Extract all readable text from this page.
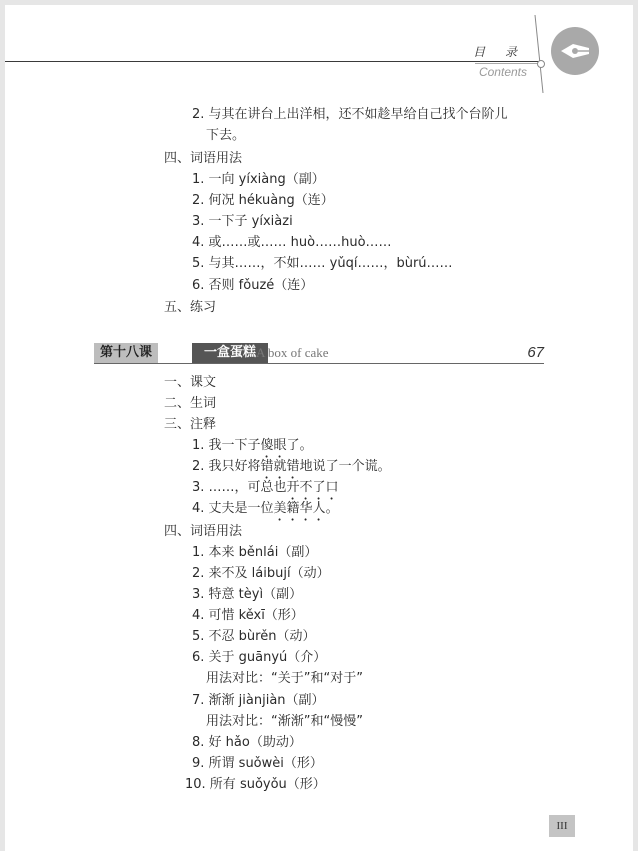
目 录
Contents
2. 与其在讲台上出洋相，还不如趁早给自己找个台阶儿
下去。
四、词语用法
1. 一向 yíxiàng（副）
2. 何况 hékuàng（连）
3. 一下子 yíxiàzi
4. 或……或…… huò……huò……
5. 与其……，不如…… yǔqí……，bùrú……
6. 否则 fǒuzé（连）
五、练习
第十八课	一盒蛋糕 A box of cake	67
一、课文
二、生词
三、注释
1. 我一下子傻眼了。
2. 我只好将错就错地说了一个谎。
3. ……，可总也开不了口
4. 丈夫是一位美籍华人。
四、词语用法
1. 本来 běnlái（副）
2. 来不及 láibují（动）
3. 特意 tèyì（副）
4. 可惜 kěxī（形）
5. 不忍 bùrěn（动）
6. 关于 guānyú（介）
用法对比：“关于”和“对于”
7. 渐渐 jiànjiàn（副）
用法对比：“渐渐”和“慢慢”
8. 好 hǎo（助动）
9. 所谓 suǒwèi（形）
10. 所有 suǒyǒu（形）
III
